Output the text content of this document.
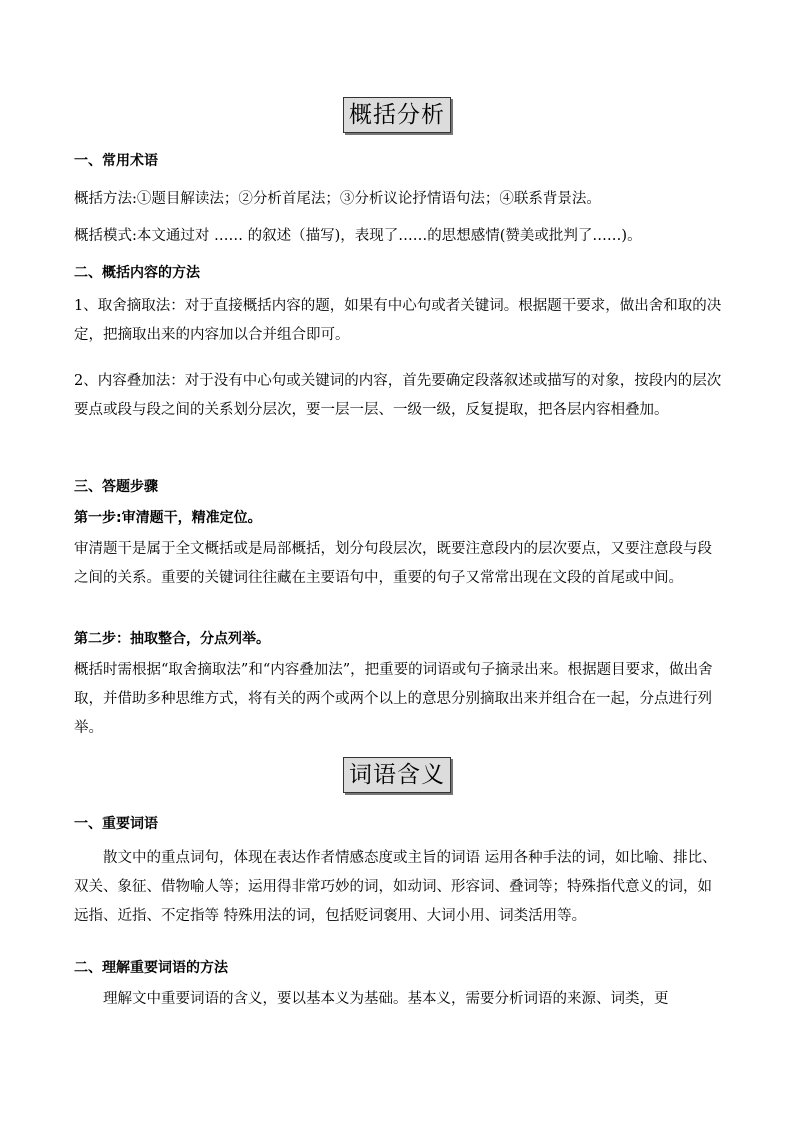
概括分析
一、常用术语

概括方法:①题目解读法；②分析首尾法；③分析议论抒情语句法；④联系背景法。

概括模式:本文通过对 …… 的叙述（描写)，表现了……的思想感情(赞美或批判了……)。

二、概括内容的方法

1、取舍摘取法：对于直接概括内容的题，如果有中心句或者关键词。根据题干要求，做出舍和取的决定，把摘取出来的内容加以合并组合即可。

2、内容叠加法：对于没有中心句或关键词的内容，首先要确定段落叙述或描写的对象，按段内的层次要点或段与段之间的关系划分层次，要一层一层、一级一级，反复提取，把各层内容相叠加。

三、答题步骤
第一步:审清题干，精准定位。

审清题干是属于全文概括或是局部概括，划分句段层次，既要注意段内的层次要点，又要注意段与段之间的关系。重要的关键词往往藏在主要语句中，重要的句子又常常出现在文段的首尾或中间。

第二步：抽取整合，分点列举。

概括时需根据“取舍摘取法”和“内容叠加法”，把重要的词语或句子摘录出来。根据题目要求，做出舍取，并借助多种思维方式，将有关的两个或两个以上的意思分别摘取出来并组合在一起，分点进行列举。

词语含义
一、重要词语

散文中的重点词句，体现在表达作者情感态度或主旨的词语 运用各种手法的词，如比喻、排比、双关、象征、借物喻人等；运用得非常巧妙的词，如动词、形容词、叠词等；特殊指代意义的词，如远指、近指、不定指等 特殊用法的词，包括贬词褒用、大词小用、词类活用等。

二、理解重要词语的方法

理解文中重要词语的含义，要以基本义为基础。基本义，需要分析词语的来源、词类，更
